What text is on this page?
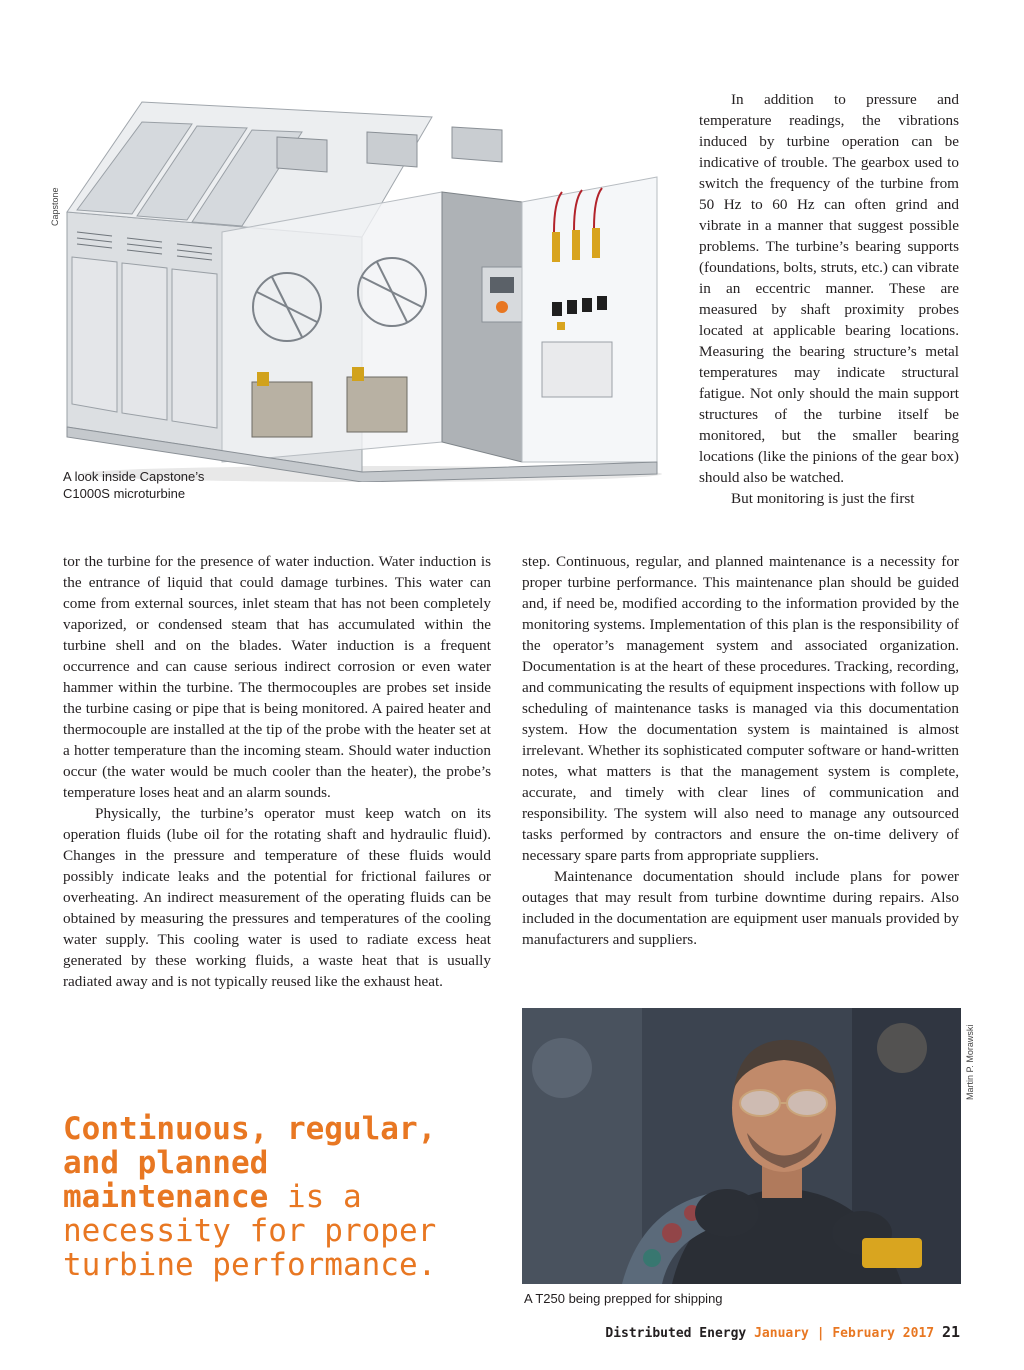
Capstone
A look inside Capstone’s
C1000S microturbine

In addition to pressure and temperature readings, the vibrations induced by turbine operation can be indicative of trouble. The gearbox used to switch the frequency of the turbine from 50 Hz to 60 Hz can often grind and vibrate in a manner that suggest possible problems. The turbine’s bearing supports (foundations, bolts, struts, etc.) can vibrate in an eccentric manner. These are measured by shaft proximity probes located at applicable bearing locations. Measuring the bearing structure’s metal temperatures may indicate structural fatigue. Not only should the main support structures of the turbine itself be monitored, but the smaller bearing locations (like the pinions of the gear box) should also be watched.

But monitoring is just the first

tor the turbine for the presence of water induction. Water induction is the entrance of liquid that could damage turbines. This water can come from external sources, inlet steam that has not been completely vaporized, or condensed steam that has accumulated within the turbine shell and on the blades. Water induction is a frequent occurrence and can cause serious indirect corrosion or even water hammer within the turbine. The thermocouples are probes set inside the turbine casing or pipe that is being monitored. A paired heater and thermocouple are installed at the tip of the probe with the heater set at a hotter temperature than the incoming steam. Should water induction occur (the water would be much cooler than the heater), the probe’s temperature loses heat and an alarm sounds.

Physically, the turbine’s operator must keep watch on its operation fluids (lube oil for the rotating shaft and hydraulic fluid). Changes in the pressure and temperature of these fluids would possibly indicate leaks and the potential for frictional failures or overheating. An indirect measurement of the operating fluids can be obtained by measuring the pressures and temperatures of the cooling water supply. This cooling water is used to radiate excess heat generated by these working fluids, a waste heat that is usually radiated away and is not typically reused like the exhaust heat.

step. Continuous, regular, and planned maintenance is a necessity for proper turbine performance. This maintenance plan should be guided and, if need be, modified according to the information provided by the monitoring systems. Implementation of this plan is the responsibility of the operator’s management system and associated organization. Documentation is at the heart of these procedures. Tracking, recording, and communicating the results of equipment inspections with follow up scheduling of maintenance tasks is managed via this documentation system. How the documentation system is maintained is almost irrelevant. Whether its sophisticated computer software or hand-written notes, what matters is that the management system is complete, accurate, and timely with clear lines of communication and responsibility. The system will also need to manage any outsourced tasks performed by contractors and ensure the on-time delivery of necessary spare parts from appropriate suppliers.

Maintenance documentation should include plans for power outages that may result from turbine downtime during repairs. Also included in the documentation are equipment user manuals provided by manufacturers and suppliers.

Continuous, regular, and planned maintenance is a necessity for proper turbine performance.
Martin P. Morawski
A T250 being prepped for shipping
Distributed Energy January | February 2017 21
